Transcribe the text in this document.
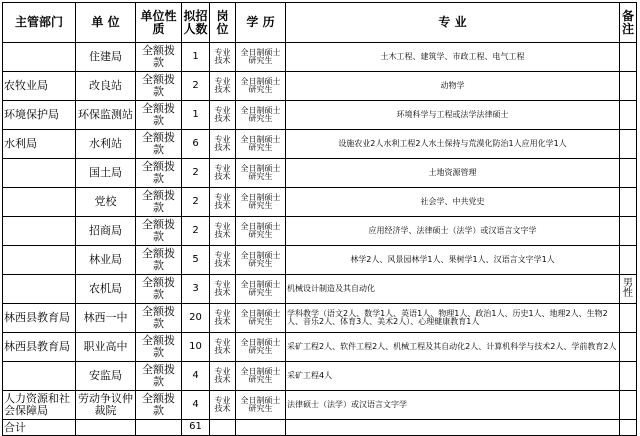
主管部门	单 位	单位性质	拟招人数	岗位	学 历	专 业	备注
	住建局	全额拨款	1	专业技术	全日制硕士研究生	土木工程、建筑学、市政工程、电气工程	
农牧业局	改良站	全额拨款	2	专业技术	全日制硕士研究生	动物学	
环境保护局	环保监测站	全额拨款	1	专业技术	全日制硕士研究生	环境科学与工程或法学法律硕士	
水利局	水利站	全额拨款	6	专业技术	全日制硕士研究生	设施农业2人水利工程2人水土保持与荒漠化防治1人应用化学1人	
	国土局	全额拨款	2	专业技术	全日制硕士研究生	土地资源管理	
	党校	全额拨款	2	专业技术	全日制硕士研究生	社会学、中共党史	
	招商局	全额拨款	2	专业技术	全日制硕士研究生	应用经济学、法律硕士（法学）或汉语言文字学	
	林业局	全额拨款	5	专业技术	全日制硕士研究生	林学2人、风景园林学1人、果树学1人、汉语言文字学1人	
	农机局	全额拨款	3	专业技术	全日制硕士研究生	机械设计制造及其自动化	男性
林西县教育局	林西一中	全额拨款	20	专业技术	全日制硕士研究生	学科教学（语文2人、数学1人、英语1人、物理1人、政治1人、历史1人、地理2人、生物2人、音乐2人、体育3人、美术2人）、心理健康教育1人	
林西县教育局	职业高中	全额拨款	10	专业技术	全日制硕士研究生	采矿工程2人、软件工程2人、机械工程及其自动化2人、计算机科学与技术2人、学前教育2人	
	安监局	全额拨款	4	专业技术	全日制硕士研究生	采矿工程4人	
人力资源和社会保障局	劳动争议仲裁院	全额拨款	4	专业技术	全日制硕士研究生	法律硕士（法学）或汉语言文字学	
合计			61				
